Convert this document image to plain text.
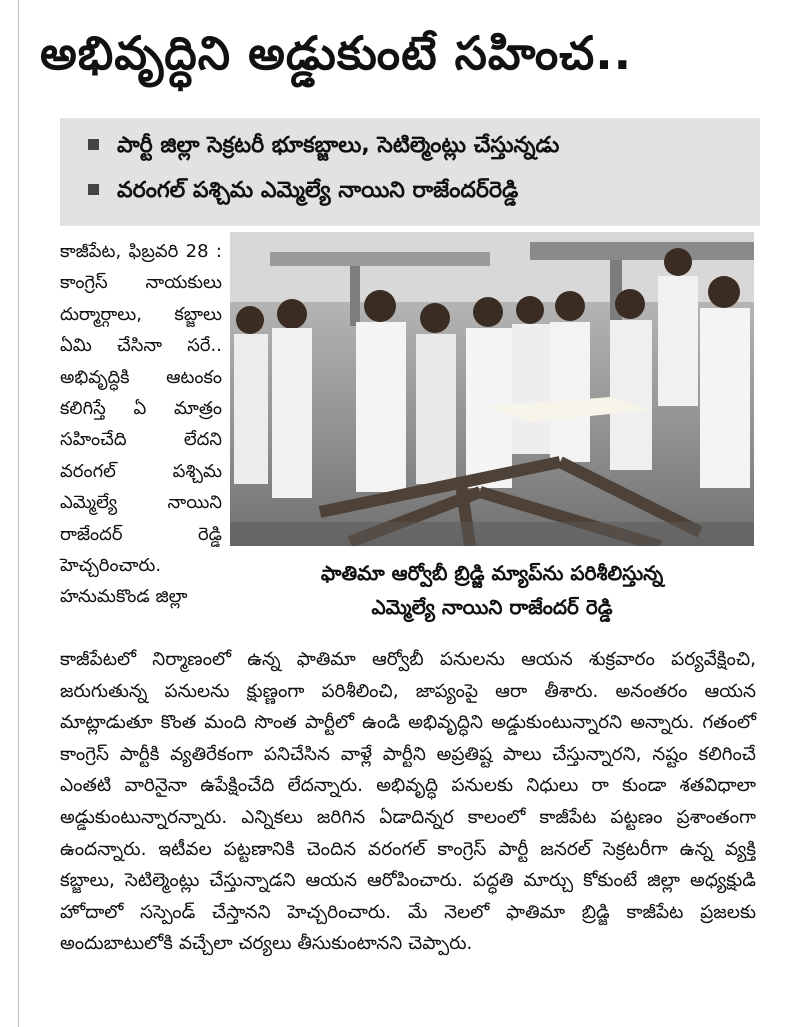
అభివృద్ధిని అడ్డుకుంటే సహించ..
పార్టీ జిల్లా సెక్రటరీ భూకబ్జాలు, సెటిల్మెంట్లు చేస్తున్నడు
వరంగల్ పశ్చిమ ఎమ్మెల్యే నాయిని రాజేందర్‌రెడ్డి

కాజీపేట, ఫిబ్రవరి 28 : కాంగ్రెస్ నాయకులు దుర్మార్గాలు, కబ్జాలు ఏమి చేసినా సరే.. అభివృద్ధికి ఆటంకం కలిగిస్తే ఏ మాత్రం సహించేది లేదని వరంగల్ పశ్చిమ ఎమ్మెల్యే నాయిని రాజేందర్ రెడ్డి హెచ్చరించారు. హనుమకొండ జిల్లా

ఫాతిమా ఆర్వోబీ బ్రిడ్జి మ్యాప్‌ను పరిశీలిస్తున్న
ఎమ్మెల్యే నాయిని రాజేందర్ రెడ్డి

కాజీపేటలో నిర్మాణంలో ఉన్న ఫాతిమా ఆర్వోబీ పనులను ఆయన శుక్రవారం పర్యవేక్షించి, జరుగుతున్న పనులను క్షుణ్ణంగా పరిశీలించి, జాప్యంపై ఆరా తీశారు. అనంతరం ఆయన మాట్లాడుతూ కొంత మంది సొంత పార్టీలో ఉండి అభివృద్ధిని అడ్డుకుంటున్నారని అన్నారు. గతంలో కాంగ్రెస్ పార్టీకి వ్యతిరేకంగా పనిచేసిన వాళ్లే పార్టీని అప్రతిష్ట పాలు చేస్తున్నారని, నష్టం కలిగించే ఎంతటి వారినైనా ఉపేక్షించేది లేదన్నారు. అభివృద్ధి పనులకు నిధులు రా కుండా శతవిధాలా అడ్డుకుంటున్నారన్నారు. ఎన్నికలు జరిగిన ఏడాదిన్నర కాలంలో కాజీపేట పట్టణం ప్రశాంతంగా ఉందన్నారు. ఇటీవల పట్టణానికి చెందిన వరంగల్ కాంగ్రెస్ పార్టీ జనరల్ సెక్రటరీగా ఉన్న వ్యక్తి కబ్జాలు, సెటిల్మెంట్లు చేస్తున్నాడని ఆయన ఆరోపించారు. పద్ధతి మార్చు కోకుంటే జిల్లా అధ్యక్షుడి హోదాలో సస్పెండ్ చేస్తానని హెచ్చరించారు. మే నెలలో ఫాతిమా బ్రిడ్జి కాజీపేట ప్రజలకు అందుబాటులోకి వచ్చేలా చర్యలు తీసుకుంటానని చెప్పారు.
